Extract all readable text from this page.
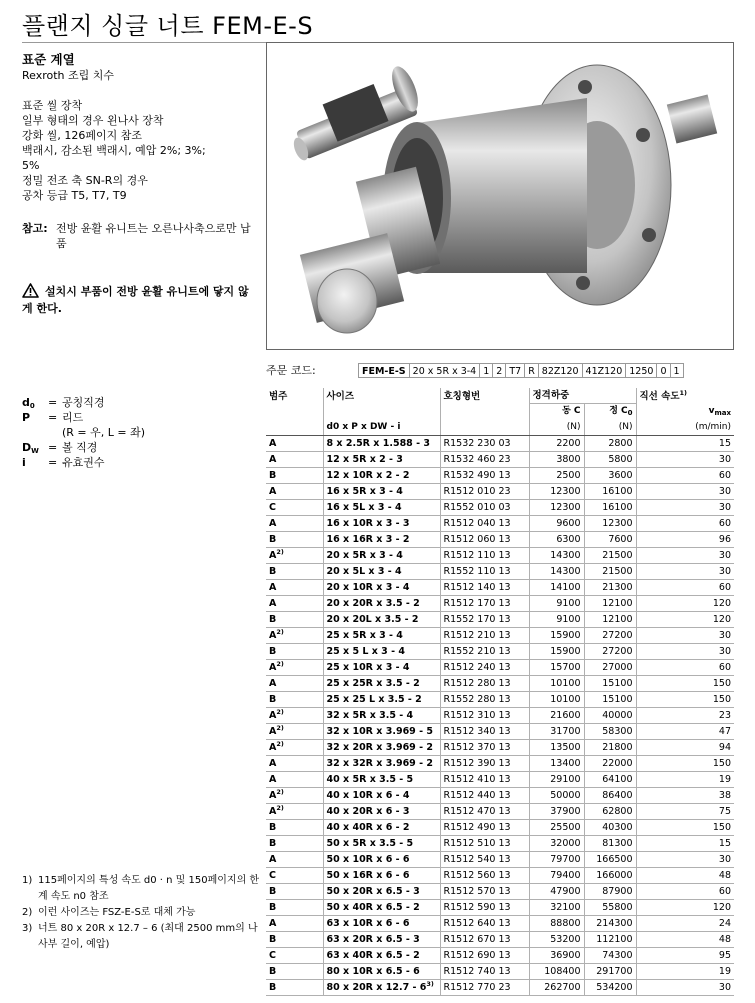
플랜지 싱글 너트 FEM-E-S
표준 계열
Rexroth 조립 치수
표준 씰 장착
일부 형태의 경우 왼나사 장착
강화 씰, 126페이지 참조
백래시, 감소된 백래시, 예압 2%; 3%;
5%
정밀 전조 축 SN-R의 경우
공차 등급 T5, T7, T9
참고: 전방 윤활 유니트는 오른나사축으로만 납품
설치시 부품이 전방 윤활 유니트에 닿지 않게 한다.
$d_0$	= 공칭직경
P	= 리드
(R = 우, L = 좌)
$D_W$ = 볼 직경
i	= 유효권수
1) 115페이지의 특성 속도 d0 · n 및 150페이지의 한계 속도 n0 참조
2) 이런 사이즈는 FSZ-E-S로 대체 가능
3) 너트 80 x 20R x 12.7 – 6 (최대 2500 mm의 나사부 길이, 예압)
주문 코드:	FEM-E-S 20 x 5R x 3-4 1 2 T7 R 82Z120 41Z120 1250 0 1
범주	사이즈	호칭형번	정격하중		직선 속도$^{1)}$
			동 C	정 $C_0$	$v_{max}$
	d0 x P x DW - i		(N)	(N)	(m/min)
A	8 x 2.5R x 1.588 - 3	R1532 230 03	2200	2800	15
A	12 x 5R x 2 - 3	R1532 460 23	3800	5800	30
B	12 x 10R x 2 - 2	R1532 490 13	2500	3600	60
A	16 x 5R x 3 - 4	R1512 010 23	12300	16100	30
C	16 x 5L x 3 - 4	R1552 010 03	12300	16100	30
A	16 x 10R x 3 - 3	R1512 040 13	9600	12300	60
B	16 x 16R x 3 - 2	R1512 060 13	6300	7600	96
$A^{2)}$	20 x 5R x 3 - 4	R1512 110 13	14300	21500	30
B	20 x 5L x 3 - 4	R1552 110 13	14300	21500	30
A	20 x 10R x 3 - 4	R1512 140 13	14100	21300	60
A	20 x 20R x 3.5 - 2	R1512 170 13	9100	12100	120
B	20 x 20L x 3.5 - 2	R1552 170 13	9100	12100	120
$A^{2)}$	25 x 5R x 3 - 4	R1512 210 13	15900	27200	30
B	25 x 5 L x 3 - 4	R1552 210 13	15900	27200	30
$A^{2)}$	25 x 10R x 3 - 4	R1512 240 13	15700	27000	60
A	25 x 25R x 3.5 - 2	R1512 280 13	10100	15100	150
B	25 x 25 L x 3.5 - 2	R1552 280 13	10100	15100	150
$A^{2)}$	32 x 5R x 3.5 - 4	R1512 310 13	21600	40000	23
$A^{2)}$	32 x 10R x 3.969 - 5	R1512 340 13	31700	58300	47
$A^{2)}$	32 x 20R x 3.969 - 2	R1512 370 13	13500	21800	94
A	32 x 32R x 3.969 - 2	R1512 390 13	13400	22000	150
A	40 x 5R x 3.5 - 5	R1512 410 13	29100	64100	19
$A^{2)}$	40 x 10R x 6 - 4	R1512 440 13	50000	86400	38
$A^{2)}$	40 x 20R x 6 - 3	R1512 470 13	37900	62800	75
B	40 x 40R x 6 - 2	R1512 490 13	25500	40300	150
B	50 x 5R x 3.5 - 5	R1512 510 13	32000	81300	15
A	50 x 10R x 6 - 6	R1512 540 13	79700	166500	30
C	50 x 16R x 6 - 6	R1512 560 13	79400	166000	48
B	50 x 20R x 6.5 - 3	R1512 570 13	47900	87900	60
B	50 x 40R x 6.5 - 2	R1512 590 13	32100	55800	120
A	63 x 10R x 6 - 6	R1512 640 13	88800	214300	24
B	63 x 20R x 6.5 - 3	R1512 670 13	53200	112100	48
C	63 x 40R x 6.5 - 2	R1512 690 13	36900	74300	95
B	80 x 10R x 6.5 - 6	R1512 740 13	108400	291700	19
B	80 x 20R x 12.7 - 6$^{3)}$	R1512 770 23	262700	534200	30
